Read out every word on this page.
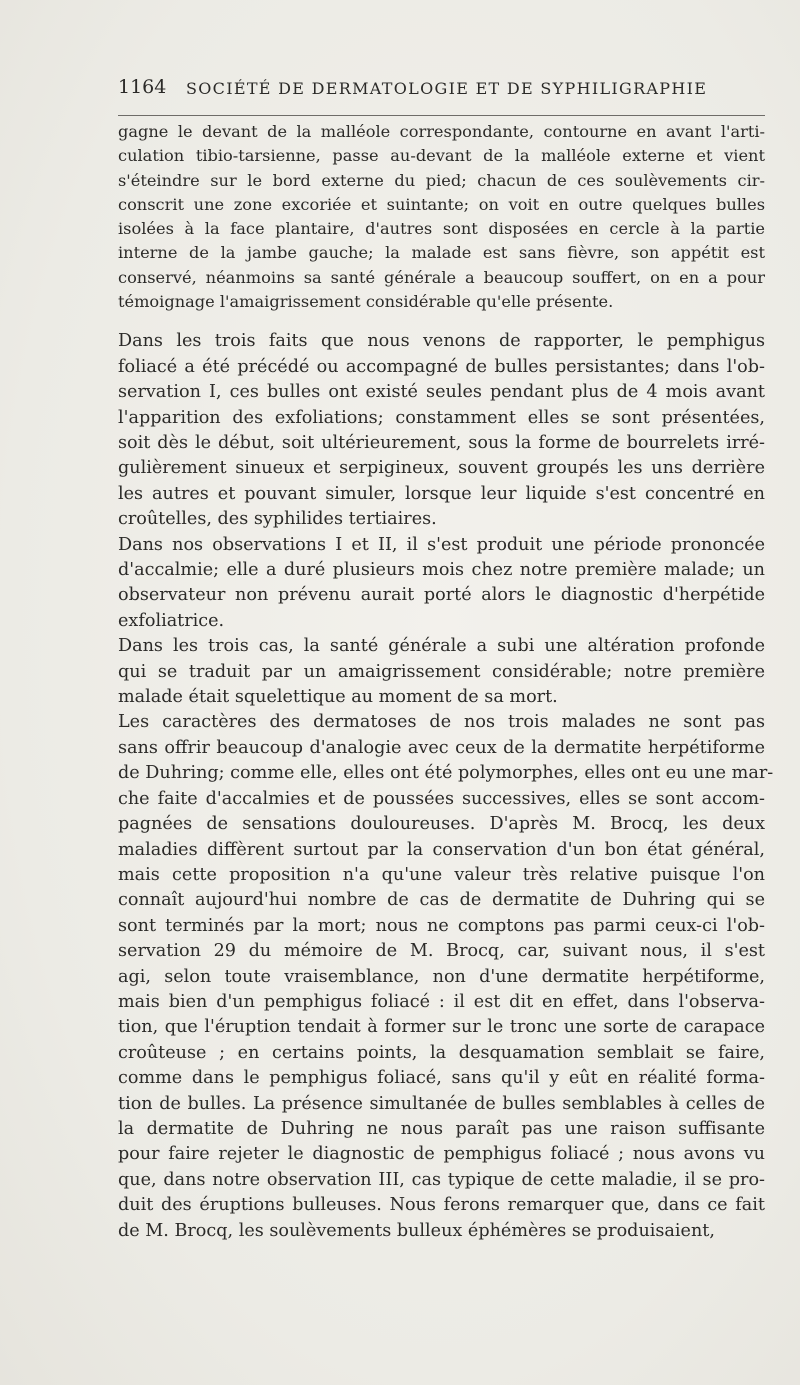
1164 SOCIÉTÉ DE DERMATOLOGIE ET DE SYPHILIGRAPHIE

gagne le devant de la malléole correspondante, contourne en avant l'arti-
culation tibio-tarsienne, passe au-devant de la malléole externe et vient
s'éteindre sur le bord externe du pied; chacun de ces soulèvements cir-
conscrit une zone excoriée et suintante; on voit en outre quelques bulles
isolées à la face plantaire, d'autres sont disposées en cercle à la partie
interne de la jambe gauche; la malade est sans fièvre, son appétit est
conservé, néanmoins sa santé générale a beaucoup souffert, on en a pour
témoignage l'amaigrissement considérable qu'elle présente.

Dans les trois faits que nous venons de rapporter, le pemphigus
foliacé a été précédé ou accompagné de bulles persistantes; dans l'ob-
servation I, ces bulles ont existé seules pendant plus de 4 mois avant
l'apparition des exfoliations; constamment elles se sont présentées,
soit dès le début, soit ultérieurement, sous la forme de bourrelets irré-
gulièrement sinueux et serpigineux, souvent groupés les uns derrière
les autres et pouvant simuler, lorsque leur liquide s'est concentré en
croûtelles, des syphilides tertiaires.

Dans nos observations I et II, il s'est produit une période prononcée
d'accalmie; elle a duré plusieurs mois chez notre première malade; un
observateur non prévenu aurait porté alors le diagnostic d'herpétide
exfoliatrice.

Dans les trois cas, la santé générale a subi une altération profonde
qui se traduit par un amaigrissement considérable; notre première
malade était squelettique au moment de sa mort.

Les caractères des dermatoses de nos trois malades ne sont pas
sans offrir beaucoup d'analogie avec ceux de la dermatite herpétiforme
de Duhring; comme elle, elles ont été polymorphes, elles ont eu une mar-
che faite d'accalmies et de poussées successives, elles se sont accom-
pagnées de sensations douloureuses. D'après M. Brocq, les deux
maladies diffèrent surtout par la conservation d'un bon état général,
mais cette proposition n'a qu'une valeur très relative puisque l'on
connaît aujourd'hui nombre de cas de dermatite de Duhring qui se
sont terminés par la mort; nous ne comptons pas parmi ceux-ci l'ob-
servation 29 du mémoire de M. Brocq, car, suivant nous, il s'est
agi, selon toute vraisemblance, non d'une dermatite herpétiforme,
mais bien d'un pemphigus foliacé : il est dit en effet, dans l'observa-
tion, que l'éruption tendait à former sur le tronc une sorte de carapace
croûteuse ; en certains points, la desquamation semblait se faire,
comme dans le pemphigus foliacé, sans qu'il y eût en réalité forma-
tion de bulles. La présence simultanée de bulles semblables à celles de
la dermatite de Duhring ne nous paraît pas une raison suffisante
pour faire rejeter le diagnostic de pemphigus foliacé ; nous avons vu
que, dans notre observation III, cas typique de cette maladie, il se pro-
duit des éruptions bulleuses. Nous ferons remarquer que, dans ce fait
de M. Brocq, les soulèvements bulleux éphémères se produisaient,
